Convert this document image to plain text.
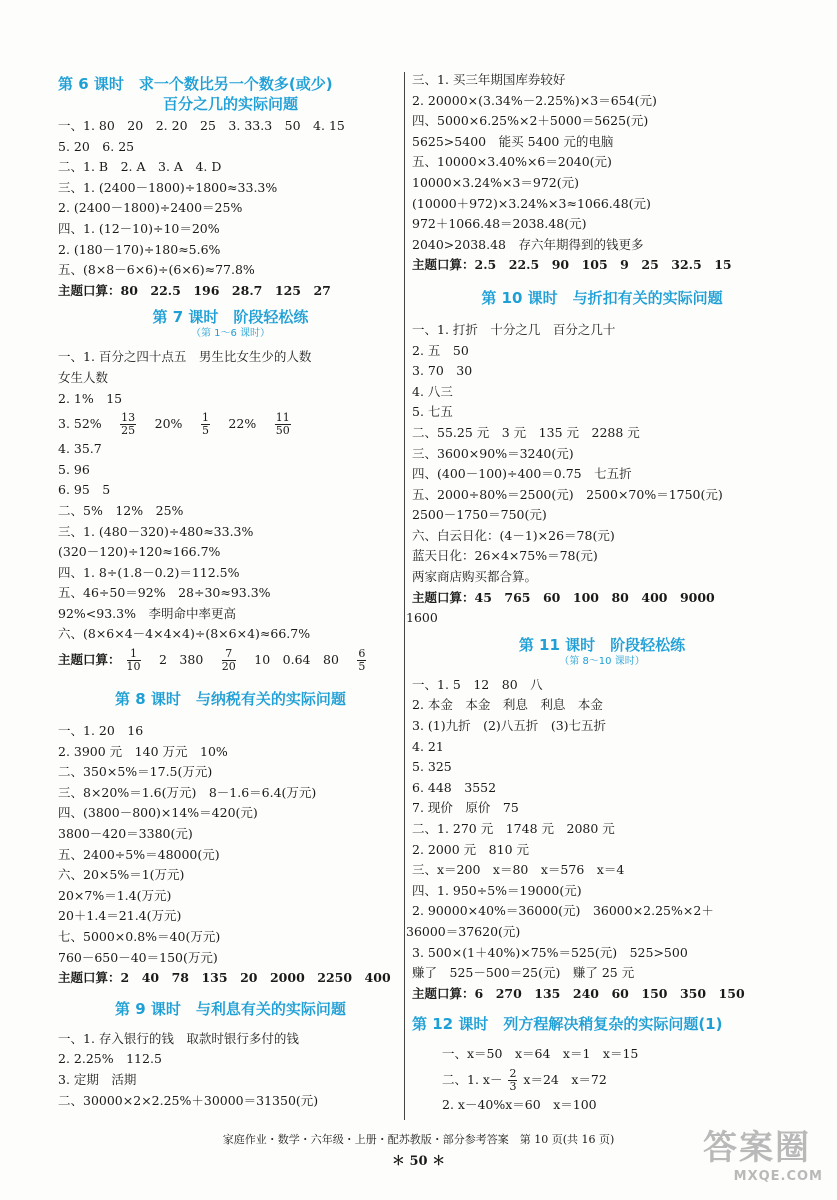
第 6 课时　求一个数比另一个数多(或少)
百分之几的实际问题
一、1. 80　20　2. 20　25　3. 33.3　50　4. 15
5. 20　6. 25
二、1. B　2. A　3. A　4. D
三、1. (2400－1800)÷1800≈33.3%
2. (2400－1800)÷2400＝25%
四、1. (12－10)÷10＝20%
2. (180－170)÷180≈5.6%
五、(8×8－6×6)÷(6×6)≈77.8%
主题口算：80　22.5　196　28.7　125　27
第 7 课时　阶段轻松练
（第 1～6 课时）
一、1. 百分之四十点五　男生比女生少的人数
女生人数
2. 1%　15
3. 52%　 $\frac{13}{25}$
　 20%　 $\frac{1}{5}$
　 22%　 $\frac{11}{50}$
4. 35.7
5. 96
6. 95　5
二、5%　12%　25%
三、1. (480－320)÷480≈33.3%
(320－120)÷120≈166.7%
四、1. 8÷(1.8－0.2)＝112.5%
五、46÷50＝92%　28÷30≈93.3%
92%<93.3%　李明命中率更高
六、(8×6×4－4×4×4)÷(8×6×4)≈66.7%
主题口算： $\frac{1}{10}$
　 2　380　 $\frac{7}{20}$
　 10　0.64　80　 $\frac{6}{5}$
第 8 课时　与纳税有关的实际问题
一、1. 20　16
2. 3900 元　140 万元　10%
二、350×5%＝17.5(万元)
三、8×20%＝1.6(万元)　8－1.6＝6.4(万元)
四、(3800－800)×14%＝420(元)
3800－420＝3380(元)
五、2400÷5%＝48000(元)
六、20×5%＝1(万元)
20×7%＝1.4(万元)
20＋1.4＝21.4(万元)
七、5000×0.8%＝40(万元)
760－650－40＝150(万元)
主题口算：2　40　78　135　20　2000　2250　400
第 9 课时　与利息有关的实际问题
一、1. 存入银行的钱　取款时银行多付的钱
2. 2.25%　112.5
3. 定期　活期
二、30000×2×2.25%＋30000＝31350(元)
三、1. 买三年期国库券较好
2. 20000×(3.34%－2.25%)×3＝654(元)
四、5000×6.25%×2＋5000＝5625(元)
5625>5400　能买 5400 元的电脑
五、10000×3.40%×6＝2040(元)
10000×3.24%×3＝972(元)
(10000＋972)×3.24%×3≈1066.48(元)
972＋1066.48＝2038.48(元)
2040>2038.48　存六年期得到的钱更多
主题口算：2.5　22.5　90　105　9　25　32.5　15
第 10 课时　与折扣有关的实际问题
一、1. 打折　十分之几　百分之几十
2. 五　50
3. 70　30
4. 八三
5. 七五
二、55.25 元　3 元　135 元　2288 元
三、3600×90%＝3240(元)
四、(400－100)÷400＝0.75　七五折
五、2000÷80%＝2500(元)　2500×70%＝1750(元)
2500－1750＝750(元)
六、白云日化：(4－1)×26＝78(元)
蓝天日化：26×4×75%＝78(元)
两家商店购买都合算。
主题口算：45　765　60　100　80　400　9000
1600
第 11 课时　阶段轻松练
（第 8～10 课时）
一、1. 5　12　80　八
2. 本金　本金　利息　利息　本金
3. (1)九折　(2)八五折　(3)七五折
4. 21
5. 325
6. 448　3552
7. 现价　原价　75
二、1. 270 元　1748 元　2080 元
2. 2000 元　810 元
三、x＝200　x＝80　x＝576　x＝4
四、1. 950÷5%＝19000(元)
2. 90000×40%＝36000(元)　36000×2.25%×2＋
36000＝37620(元)
3. 500×(1＋40%)×75%＝525(元)　525>500
赚了　525－500＝25(元)　赚了 25 元
主题口算：6　270　135　240　60　150　350　150
第 12 课时　列方程解决稍复杂的实际问题(1)
一、x＝50　x＝64　x＝1　x＝15
二、1. $x- \frac{2}{3} x=24$　x＝72
2. x－40%x＝60　x＝100
家庭作业・数学・六年级・上册・配苏教版・部分参考答案　第 10 页(共 16 页)
＊ 50 ＊	答案圈
MXQE.COM
